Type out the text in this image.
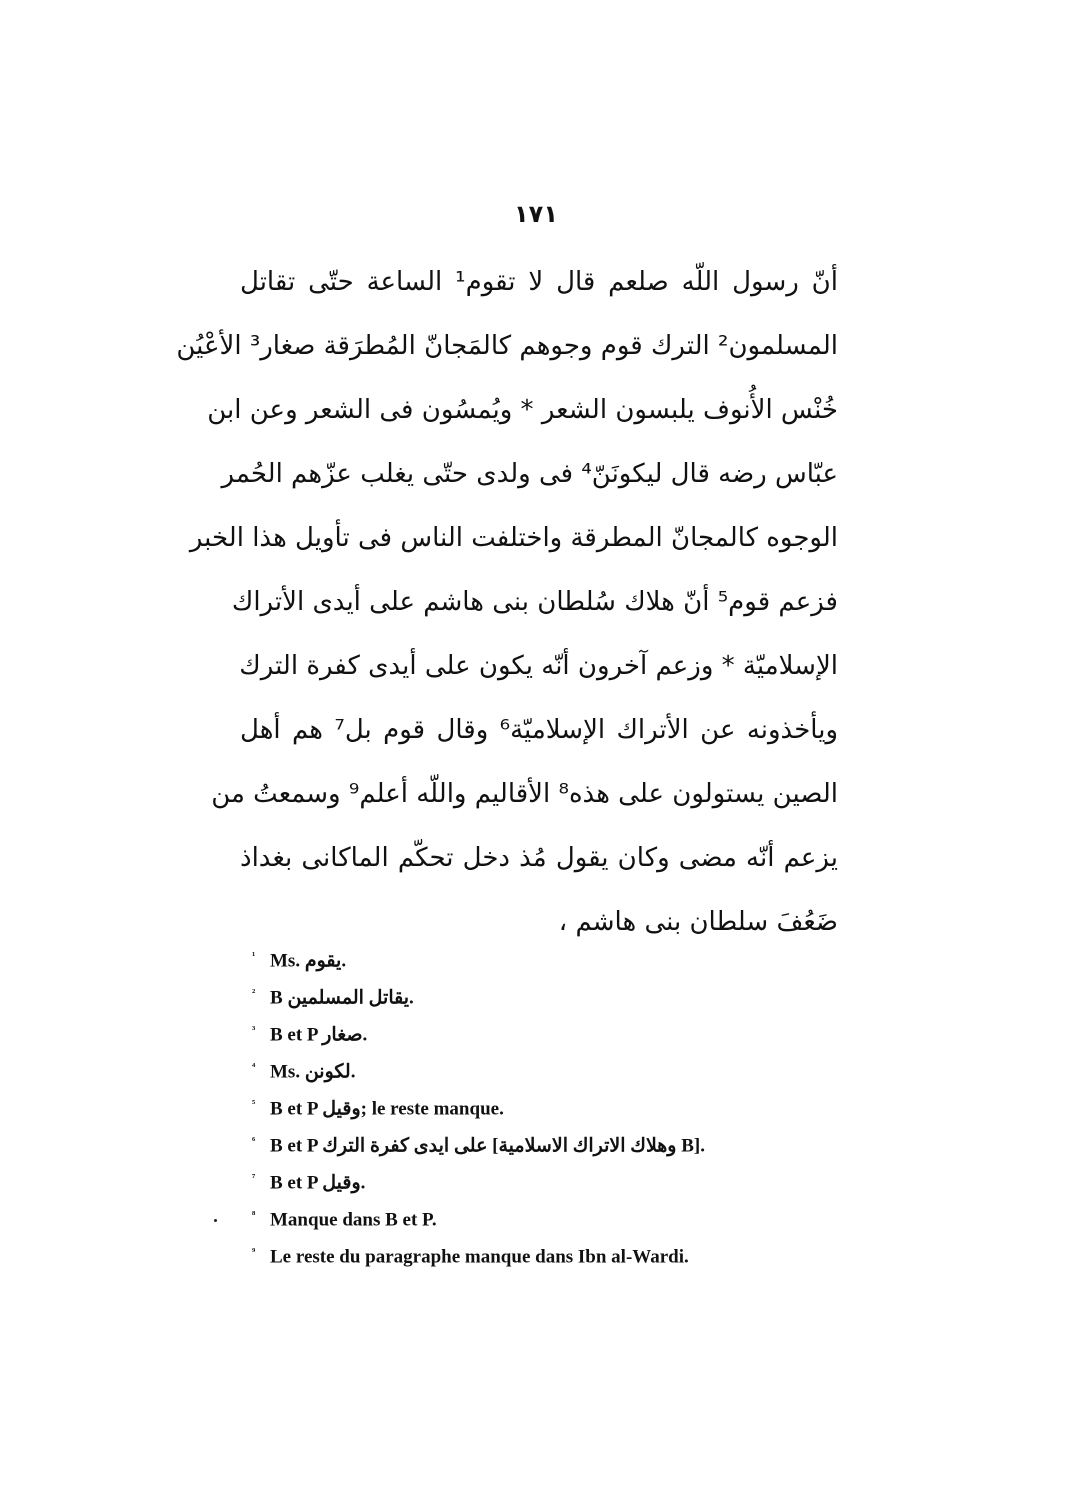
١٧١
أنّ رسول اللّه صلعم قال لا تقوم¹ الساعة حتّى تقاتل
المسلمون² الترك قوم وجوهم كالمَجانّ المُطرَقة صغار³ الأعْيُن
خُنْس الأُنوف يلبسون الشعر * ويُمسُون فى الشعر وعن ابن
عبّاس رضه قال ليكونَنّ⁴ فى ولدى حتّى يغلب عزّهم الحُمر
الوجوه كالمجانّ المطرقة واختلفت الناس فى تأويل هذا الخبر
فزعم قوم⁵ أنّ هلاك سُلطان بنى هاشم على أيدى الأتراك
الإسلاميّة * وزعم آخرون أنّه يكون على أيدى كفرة الترك
ويأخذونه عن الأتراك الإسلاميّة⁶ وقال قوم بل⁷ هم أهل
الصين يستولون على هذه⁸ الأقاليم واللّه أعلم⁹ وسمعتُ من
يزعم أنّه مضى وكان يقول مُذ دخل تحكّم الماكانى بغداذ
ضَعُفَ سلطان بنى هاشم ،
¹ Ms. يقوم.
² B يقاتل المسلمين.
³ B et P صغار.
⁴ Ms. لكونن.
⁵ B et P وقيل; le reste manque.
⁶ B et P على ايدى كفرة الترك [وهلاك الاتراك الاسلامية B].
⁷ B et P وقيل.
⁸ Manque dans B et P.
⁹ Le reste du paragraphe manque dans Ibn al-Wardi.
